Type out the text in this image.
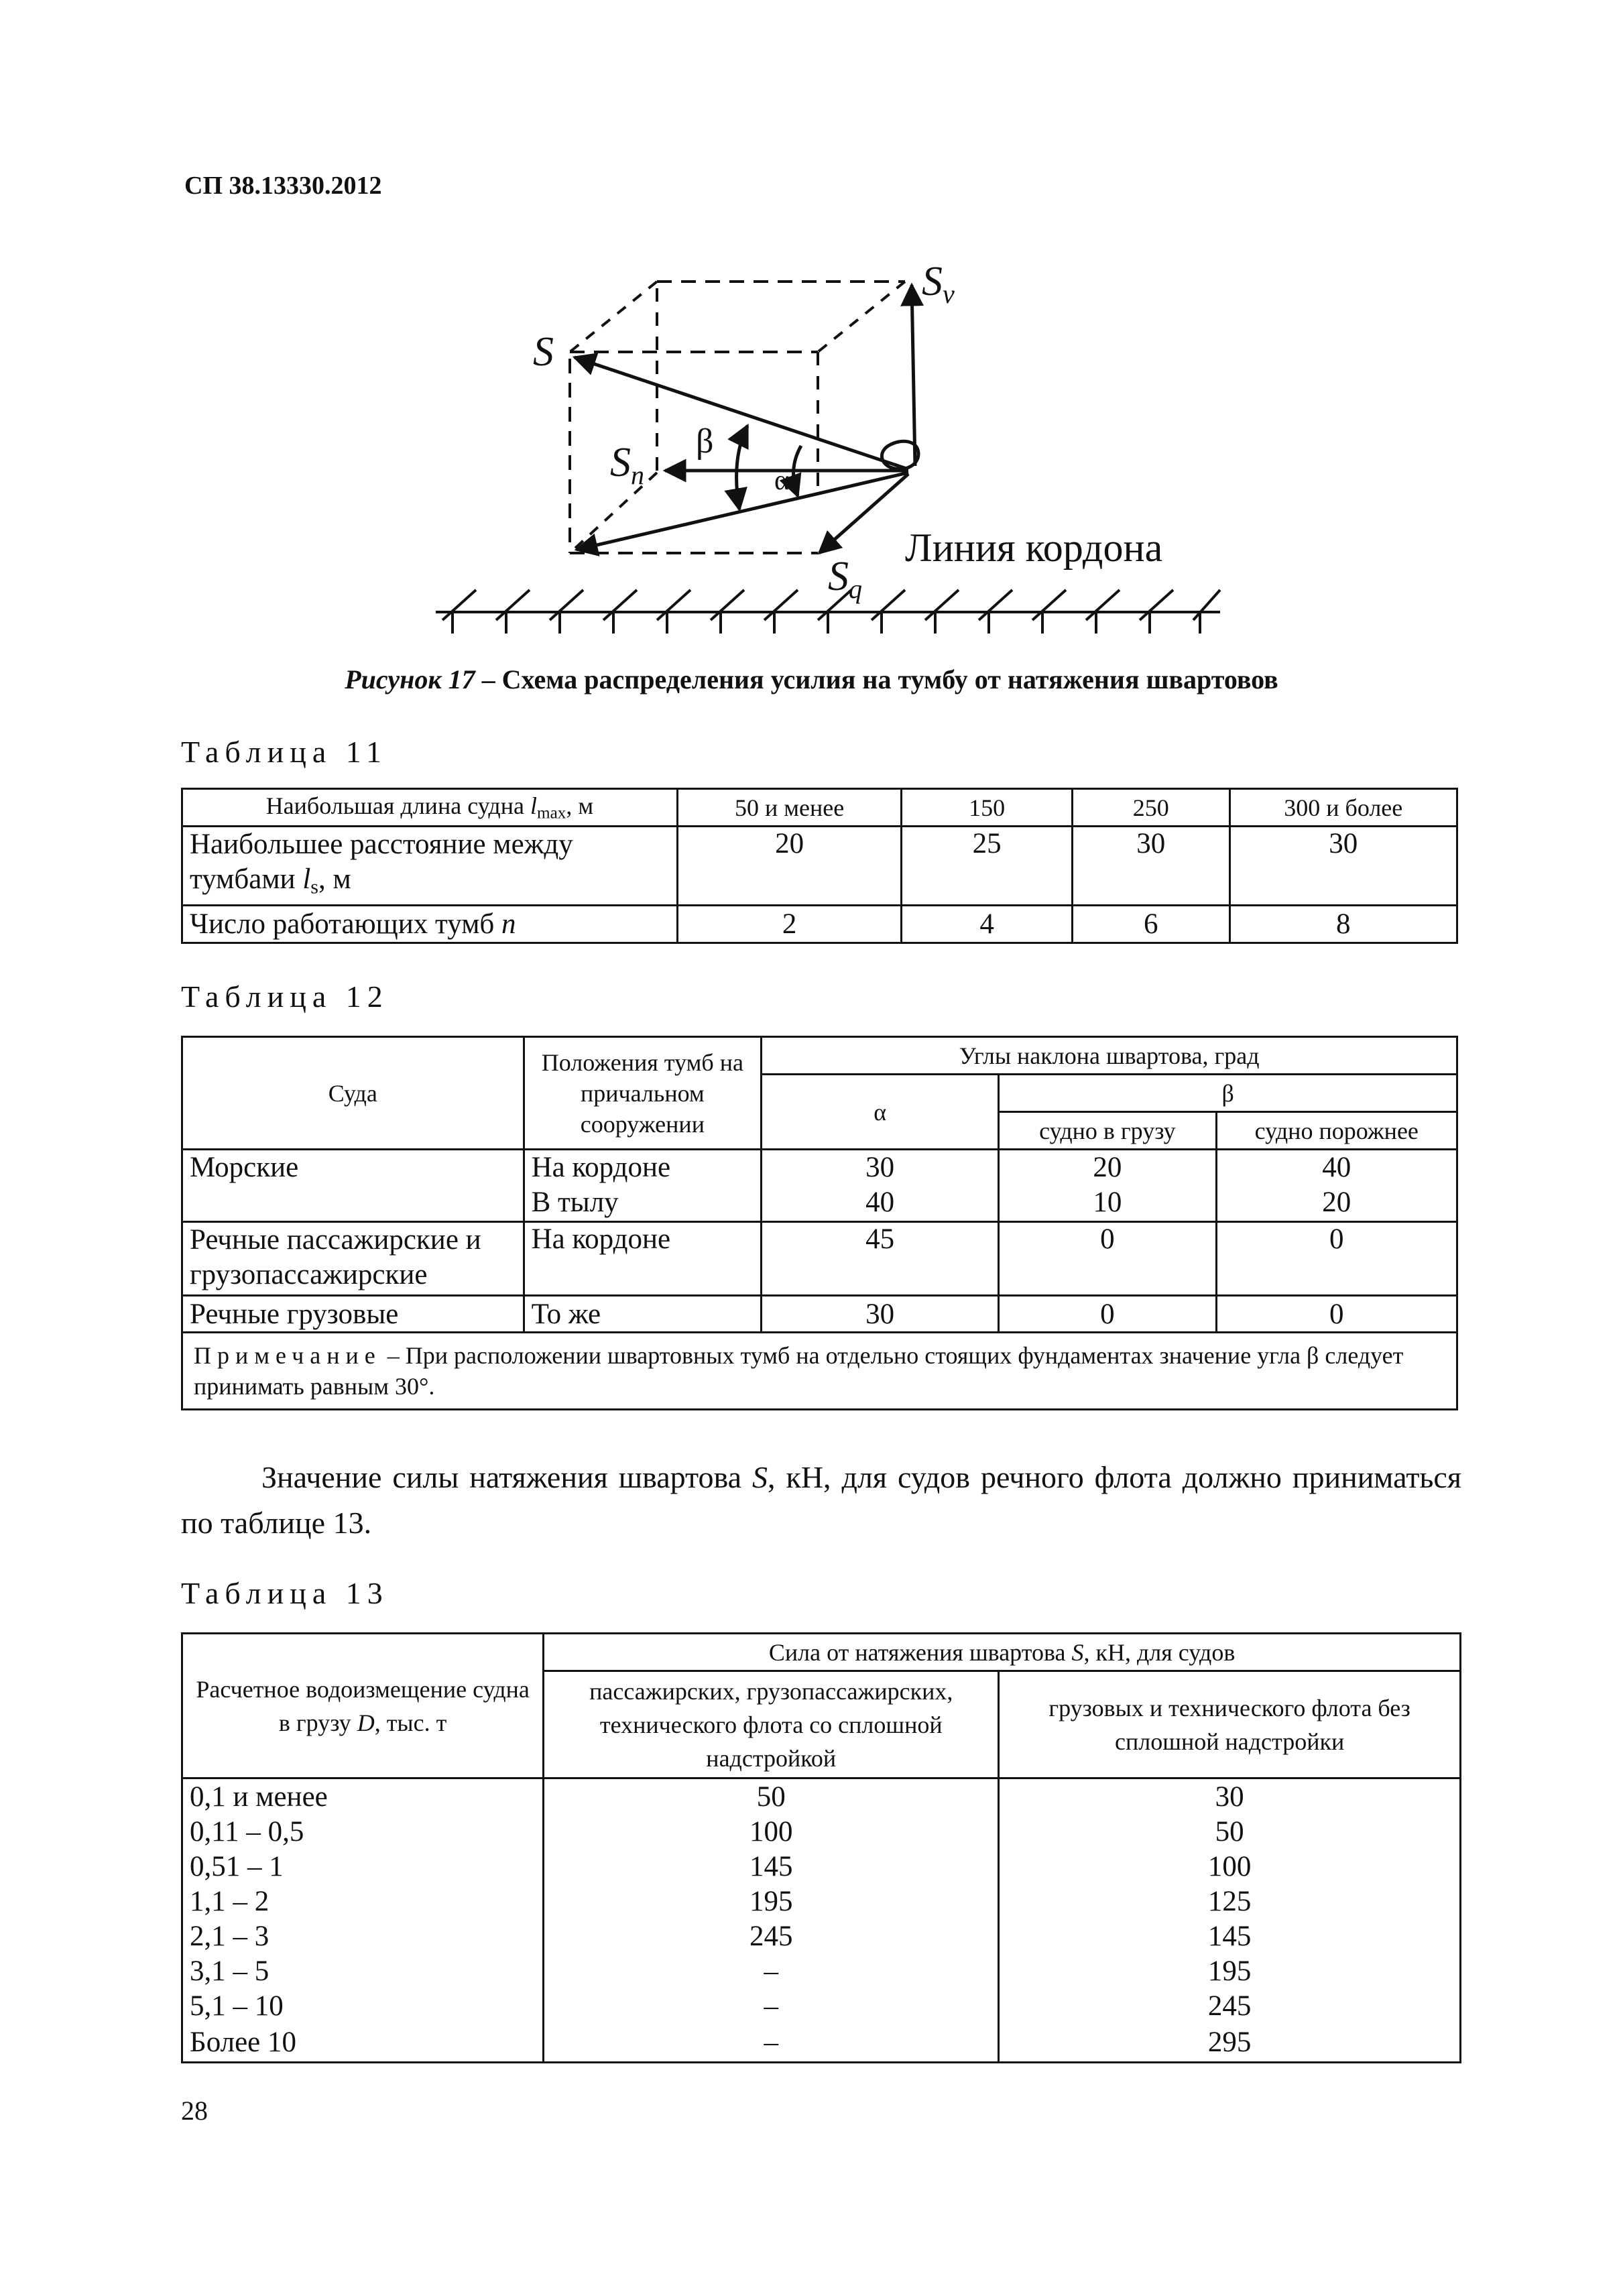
СП 38.13330.2012
S
Sv
Sn
Sq
β
α
Линия кордона
Рисунок 17 – Схема распределения усилия на тумбу от натяжения швартовов
Таблица 11
Наибольшая длина судна lmax, м	50 и менее	150	250	300 и более
Наибольшее расстояние между тумбами ls, м	20	25	30	30
Число работающих тумб n	2	4	6	8
Таблица 12
Суда	Положения тумб на причальном сооружении	Углы наклона швартова, град		
		α	β	
			судно в грузу	судно порожнее
Морские	На кордоне	30	20	40
	В тылу	40	10	20
Речные пассажирские и грузопассажирские	На кордоне	45	0	0
Речные грузовые	То же	30	0	0
Примечание – При расположении швартовных тумб на отдельно стоящих фундаментах значение угла β следует принимать равным 30°.				
Значение силы натяжения швартова S, кН, для судов речного флота должно приниматься по таблице 13.
Таблица 13
Расчетное водоизмещение судна в грузу D, тыс. т	Сила от натяжения швартова S, кН, для судов	
	пассажирских, грузопассажирских, технического флота со сплошной надстройкой	грузовых и технического флота без сплошной надстройки
0,1 и менее	50	30
0,11 – 0,5	100	50
0,51 – 1	145	100
1,1 – 2	195	125
2,1 – 3	245	145
3,1 – 5	–	195
5,1 – 10	–	245
Более 10	–	295
28
